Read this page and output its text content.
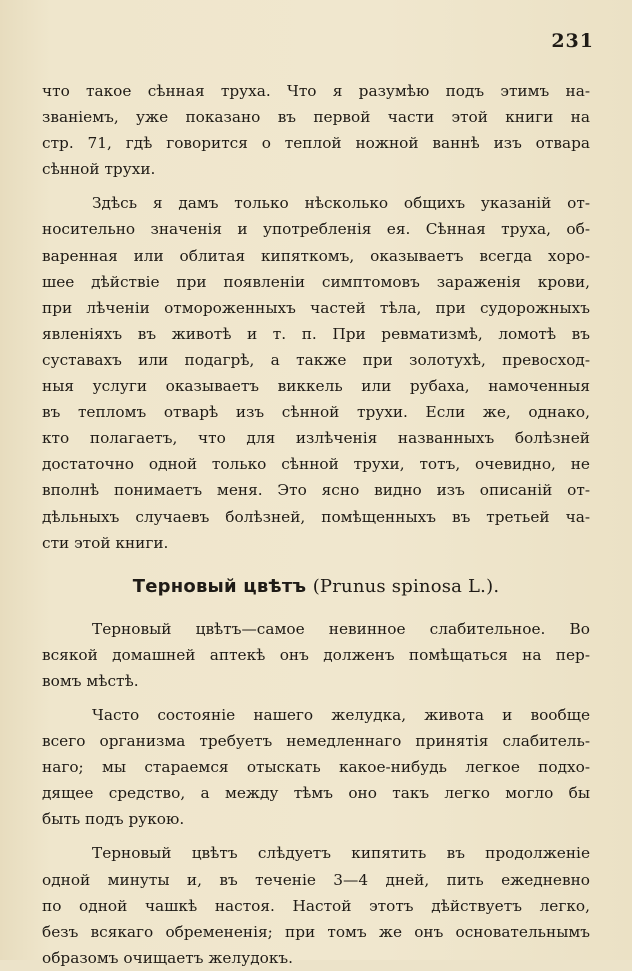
231
что такое сѣнная труха. Что я разумѣю подъ этимъ на-
званіемъ, уже показано въ первой части этой книги на
стр. 71, гдѣ говорится о теплой ножной ваннѣ изъ отвара
сѣнной трухи.
Здѣсь я дамъ только нѣсколько общихъ указаній от-
носительно значенія и употребленія ея. Сѣнная труха, об-
варенная или облитая кипяткомъ, оказываетъ всегда хоро-
шее дѣйствіе при появленіи симптомовъ зараженія крови,
при лѣченіи отмороженныхъ частей тѣла, при судорожныхъ
явленіяхъ въ животѣ и т. п. При ревматизмѣ, ломотѣ въ
суставахъ или подагрѣ, а также при золотухѣ, превосход-
ныя услуги оказываетъ виккель или рубаха, намоченныя
въ тепломъ отварѣ изъ сѣнной трухи. Если же, однако,
кто полагаетъ, что для излѣченія названныхъ болѣзней
достаточно одной только сѣнной трухи, тотъ, очевидно, не
вполнѣ понимаетъ меня. Это ясно видно изъ описаній от-
дѣльныхъ случаевъ болѣзней, помѣщенныхъ въ третьей ча-
сти этой книги.
Терновый цвѣтъ (Prunus spinosa L.).
Терновый цвѣтъ—самое невинное слабительное. Во
всякой домашней аптекѣ онъ долженъ помѣщаться на пер-
вомъ мѣстѣ.
Часто состояніе нашего желудка, живота и вообще
всего организма требуетъ немедленнаго принятія слабитель-
наго; мы стараемся отыскать какое-нибудь легкое подхо-
дящее средство, а между тѣмъ оно такъ легко могло бы
быть подъ рукою.
Терновый цвѣтъ слѣдуетъ кипятить въ продолженіе
одной минуты и, въ теченіе 3—4 дней, пить ежедневно
по одной чашкѣ настоя. Настой этотъ дѣйствуетъ легко,
безъ всякаго обремененія; при томъ же онъ основательнымъ
образомъ очищаетъ желудокъ.
